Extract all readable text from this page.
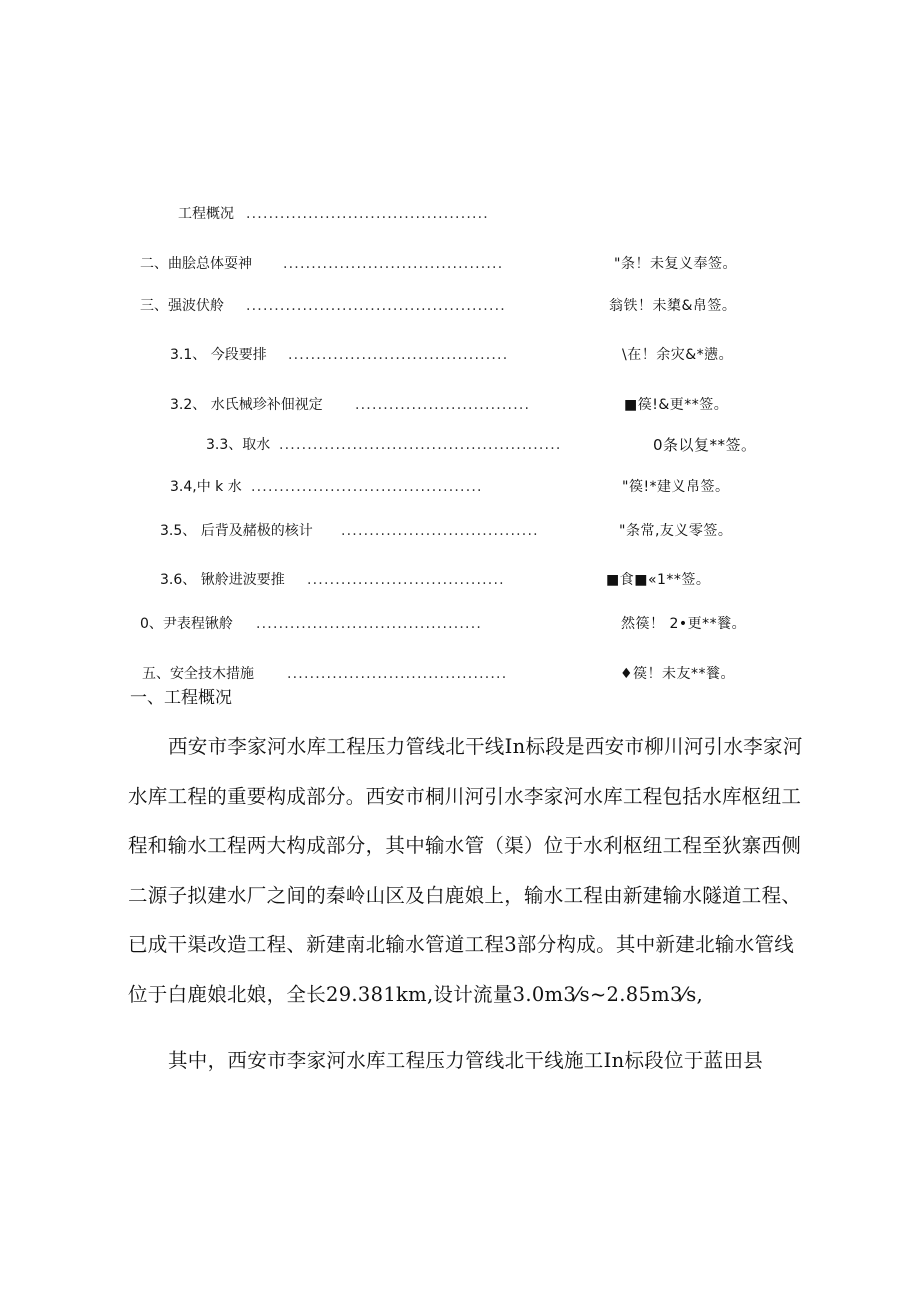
工程概况 ...........................................
二、曲脍总体耍神 .......................................	"条！未复义奉签。
三、强波伏舲 ..............................................	翁铁！未橥&帛签。
3.1、 今段要排 .......................................	\在！余灾&*懑。
3.2、 水氏械珍补佃视定 ...............................	■篌!&更**签。
3.3、取水 ..................................................	0条以复**签。
3.4,中 k 水 .........................................	"篌!*建义帛签。
3.5、 后背及赭极的核计 ...................................	"条常,友义零签。
3.6、 锹舲进波要推 ...................................	■食■«1**签。
0、尹表程锹舲 ........................................	然篌！ 2•更**餮。
五、安全技木措施 .......................................	♦篌！未友**餮。
一、工程概况

西安市李家河水库工程压力管线北干线In标段是西安市柳川河引水李家河水库工程的重要构成部分。西安市桐川河引水李家河水库工程包括水库枢纽工程和输水工程两大构成部分，其中输水管（渠）位于水利枢纽工程至狄寨西侧二源子拟建水厂之间的秦岭山区及白鹿娘上，输水工程由新建输水隧道工程、已成干渠改造工程、新建南北输水管道工程3部分构成。其中新建北输水管线位于白鹿娘北娘，全长29.381km,设计流量3.0m3⁄s~2.85m3⁄s,

其中，西安市李家河水库工程压力管线北干线施工In标段位于蓝田县
